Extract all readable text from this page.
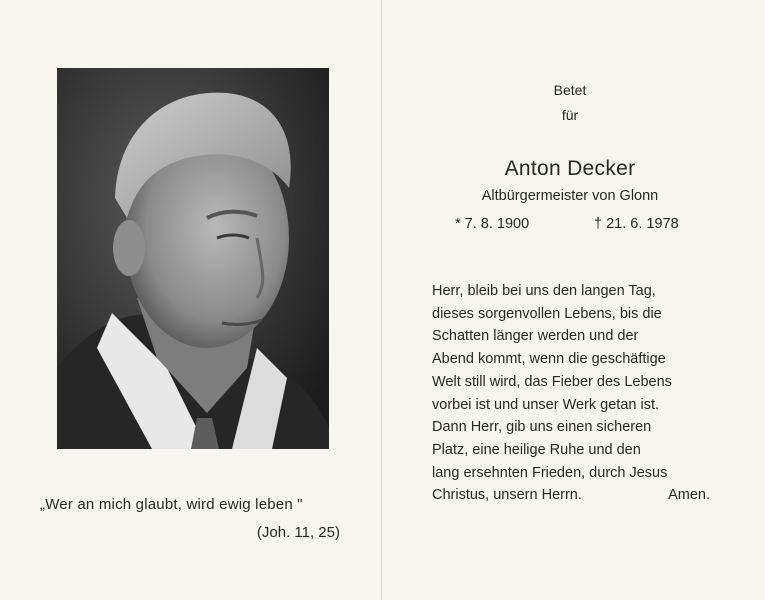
„Wer an mich glaubt, wird ewig leben "
(Joh. 11, 25)
Betet
für
Anton Decker
Altbürgermeister von Glonn
* 7. 8. 1900	† 21. 6. 1978
Herr, bleib bei uns den langen Tag,
dieses sorgenvollen Lebens, bis die
Schatten länger werden und der
Abend kommt, wenn die geschäftige
Welt still wird, das Fieber des Lebens
vorbei ist und unser Werk getan ist.
Dann Herr, gib uns einen sicheren
Platz, eine heilige Ruhe und den
lang ersehnten Frieden, durch Jesus
Christus, unsern Herrn.	Amen.
